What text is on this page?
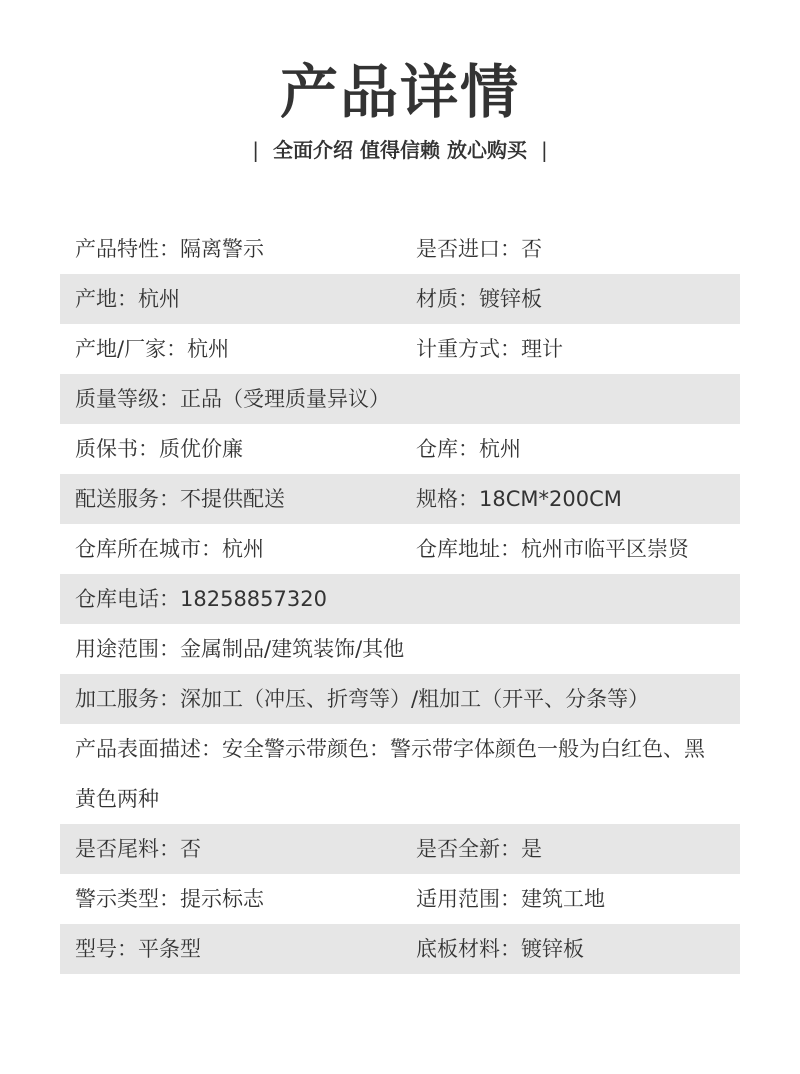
产品详情
| 全面介绍 值得信赖 放心购买 |
产品特性：隔离警示	是否进口：否
产地：杭州	材质：镀锌板
产地/厂家：杭州	计重方式：理计
质量等级：正品（受理质量异议）
质保书：质优价廉	仓库：杭州
配送服务：不提供配送	规格：18CM*200CM
仓库所在城市：杭州	仓库地址：杭州市临平区崇贤
仓库电话：18258857320
用途范围：金属制品/建筑装饰/其他
加工服务：深加工（冲压、折弯等）/粗加工（开平、分条等）
产品表面描述：安全警示带颜色：警示带字体颜色一般为白红色、黑黄色两种
是否尾料：否	是否全新：是
警示类型：提示标志	适用范围：建筑工地
型号：平条型	底板材料：镀锌板
